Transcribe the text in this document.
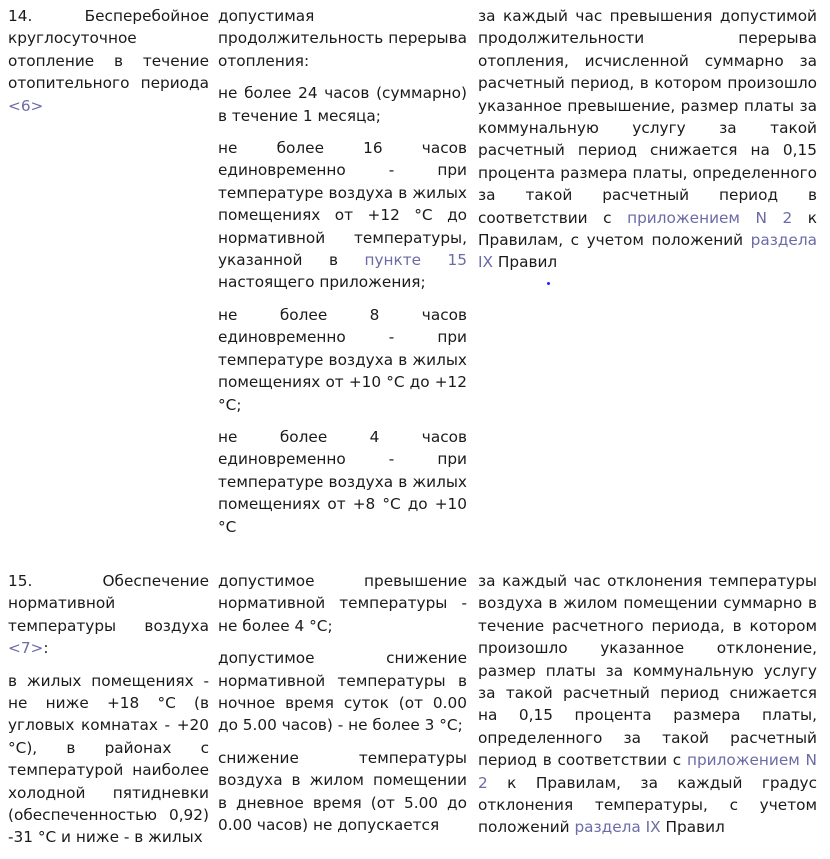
14. Бесперебойное круглосуточное отопление в течение отопительного периода <6>

допустимая продолжительность перерыва отопления:

не более 24 часов (суммарно) в течение 1 месяца;

не более 16 часов единовременно - при температуре воздуха в жилых помещениях от +12 °C до нормативной температуры, указанной в пункте 15 настоящего приложения;

не более 8 часов единовременно - при температуре воздуха в жилых помещениях от +10 °C до +12 °C;

не более 4 часов единовременно - при температуре воздуха в жилых помещениях от +8 °C до +10 °C

за каждый час превышения допустимой продолжительности перерыва отопления, исчисленной суммарно за расчетный период, в котором произошло указанное превышение, размер платы за коммунальную услугу за такой расчетный период снижается на 0,15 процента размера платы, определенного за такой расчетный период в соответствии с приложением N 2 к Правилам, с учетом положений раздела IX Правил

15. Обеспечение нормативной температуры воздуха <7>:

в жилых помещениях - не ниже +18 °C (в угловых комнатах - +20 °C), в районах с температурой наиболее холодной пятидневки (обеспеченностью 0,92) -31 °C и ниже - в жилых

допустимое превышение нормативной температуры - не более 4 °C;

допустимое снижение нормативной температуры в ночное время суток (от 0.00 до 5.00 часов) - не более 3 °C;

снижение температуры воздуха в жилом помещении в дневное время (от 5.00 до 0.00 часов) не допускается

за каждый час отклонения температуры воздуха в жилом помещении суммарно в течение расчетного периода, в котором произошло указанное отклонение, размер платы за коммунальную услугу за такой расчетный период снижается на 0,15 процента размера платы, определенного за такой расчетный период в соответствии с приложением N 2 к Правилам, за каждый градус отклонения температуры, с учетом положений раздела IX Правил
